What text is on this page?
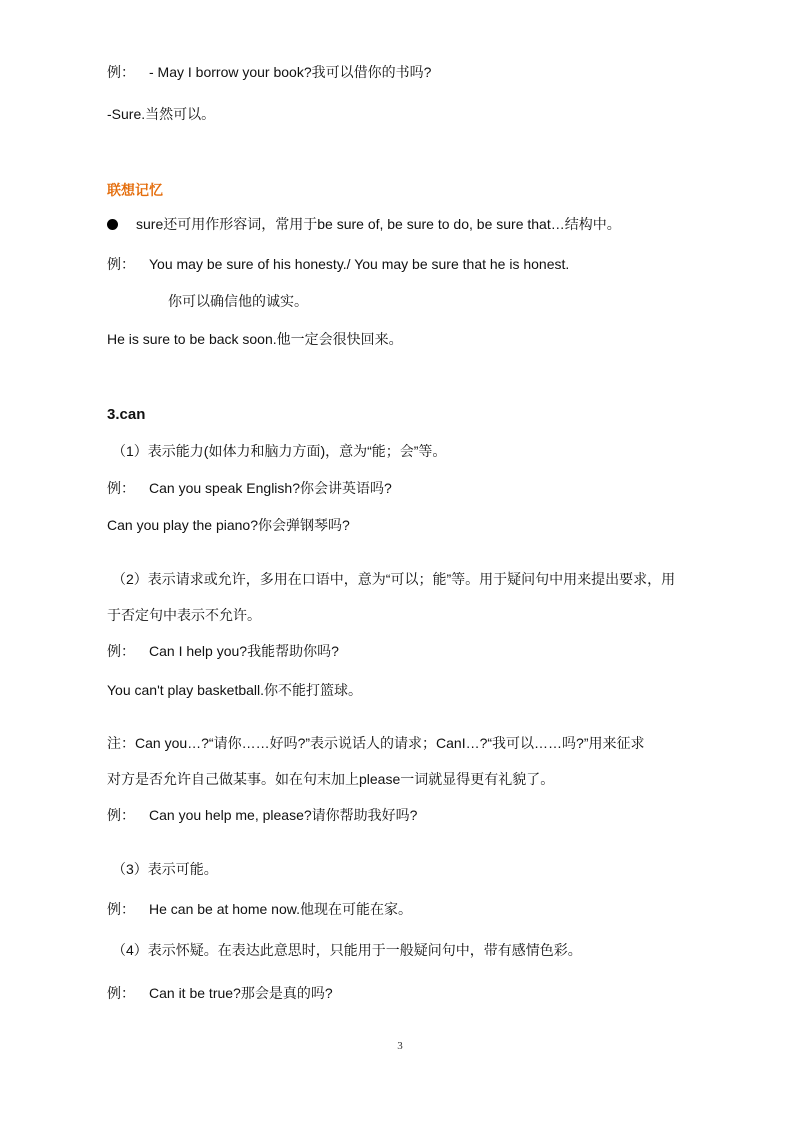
例： - May I borrow your book?我可以借你的书吗?
-Sure.当然可以。
联想记忆
sure还可用作形容词，常用于be sure of, be sure to do, be sure that…结构中。
例： You may be sure of his honesty./ You may be sure that he is honest.
你可以确信他的诚实。
He is sure to be back soon.他一定会很快回来。
3.can
（1）表示能力(如体力和脑力方面)，意为“能；会”等。
例： Can you speak English?你会讲英语吗?
Can you play the piano?你会弹钢琴吗?
（2）表示请求或允许，多用在口语中，意为“可以；能”等。用于疑问句中用来提出要求，用
于否定句中表示不允许。
例： Can I help you?我能帮助你吗?
You can't play basketball.你不能打篮球。
注：Can you…?“请你……好吗?”表示说话人的请求；CanI…?“我可以……吗?”用来征求
对方是否允许自己做某事。如在句末加上please一词就显得更有礼貌了。
例： Can you help me, please?请你帮助我好吗?
（3）表示可能。
例： He can be at home now.他现在可能在家。
（4）表示怀疑。在表达此意思时，只能用于一般疑问句中，带有感情色彩。
例： Can it be true?那会是真的吗?
3
